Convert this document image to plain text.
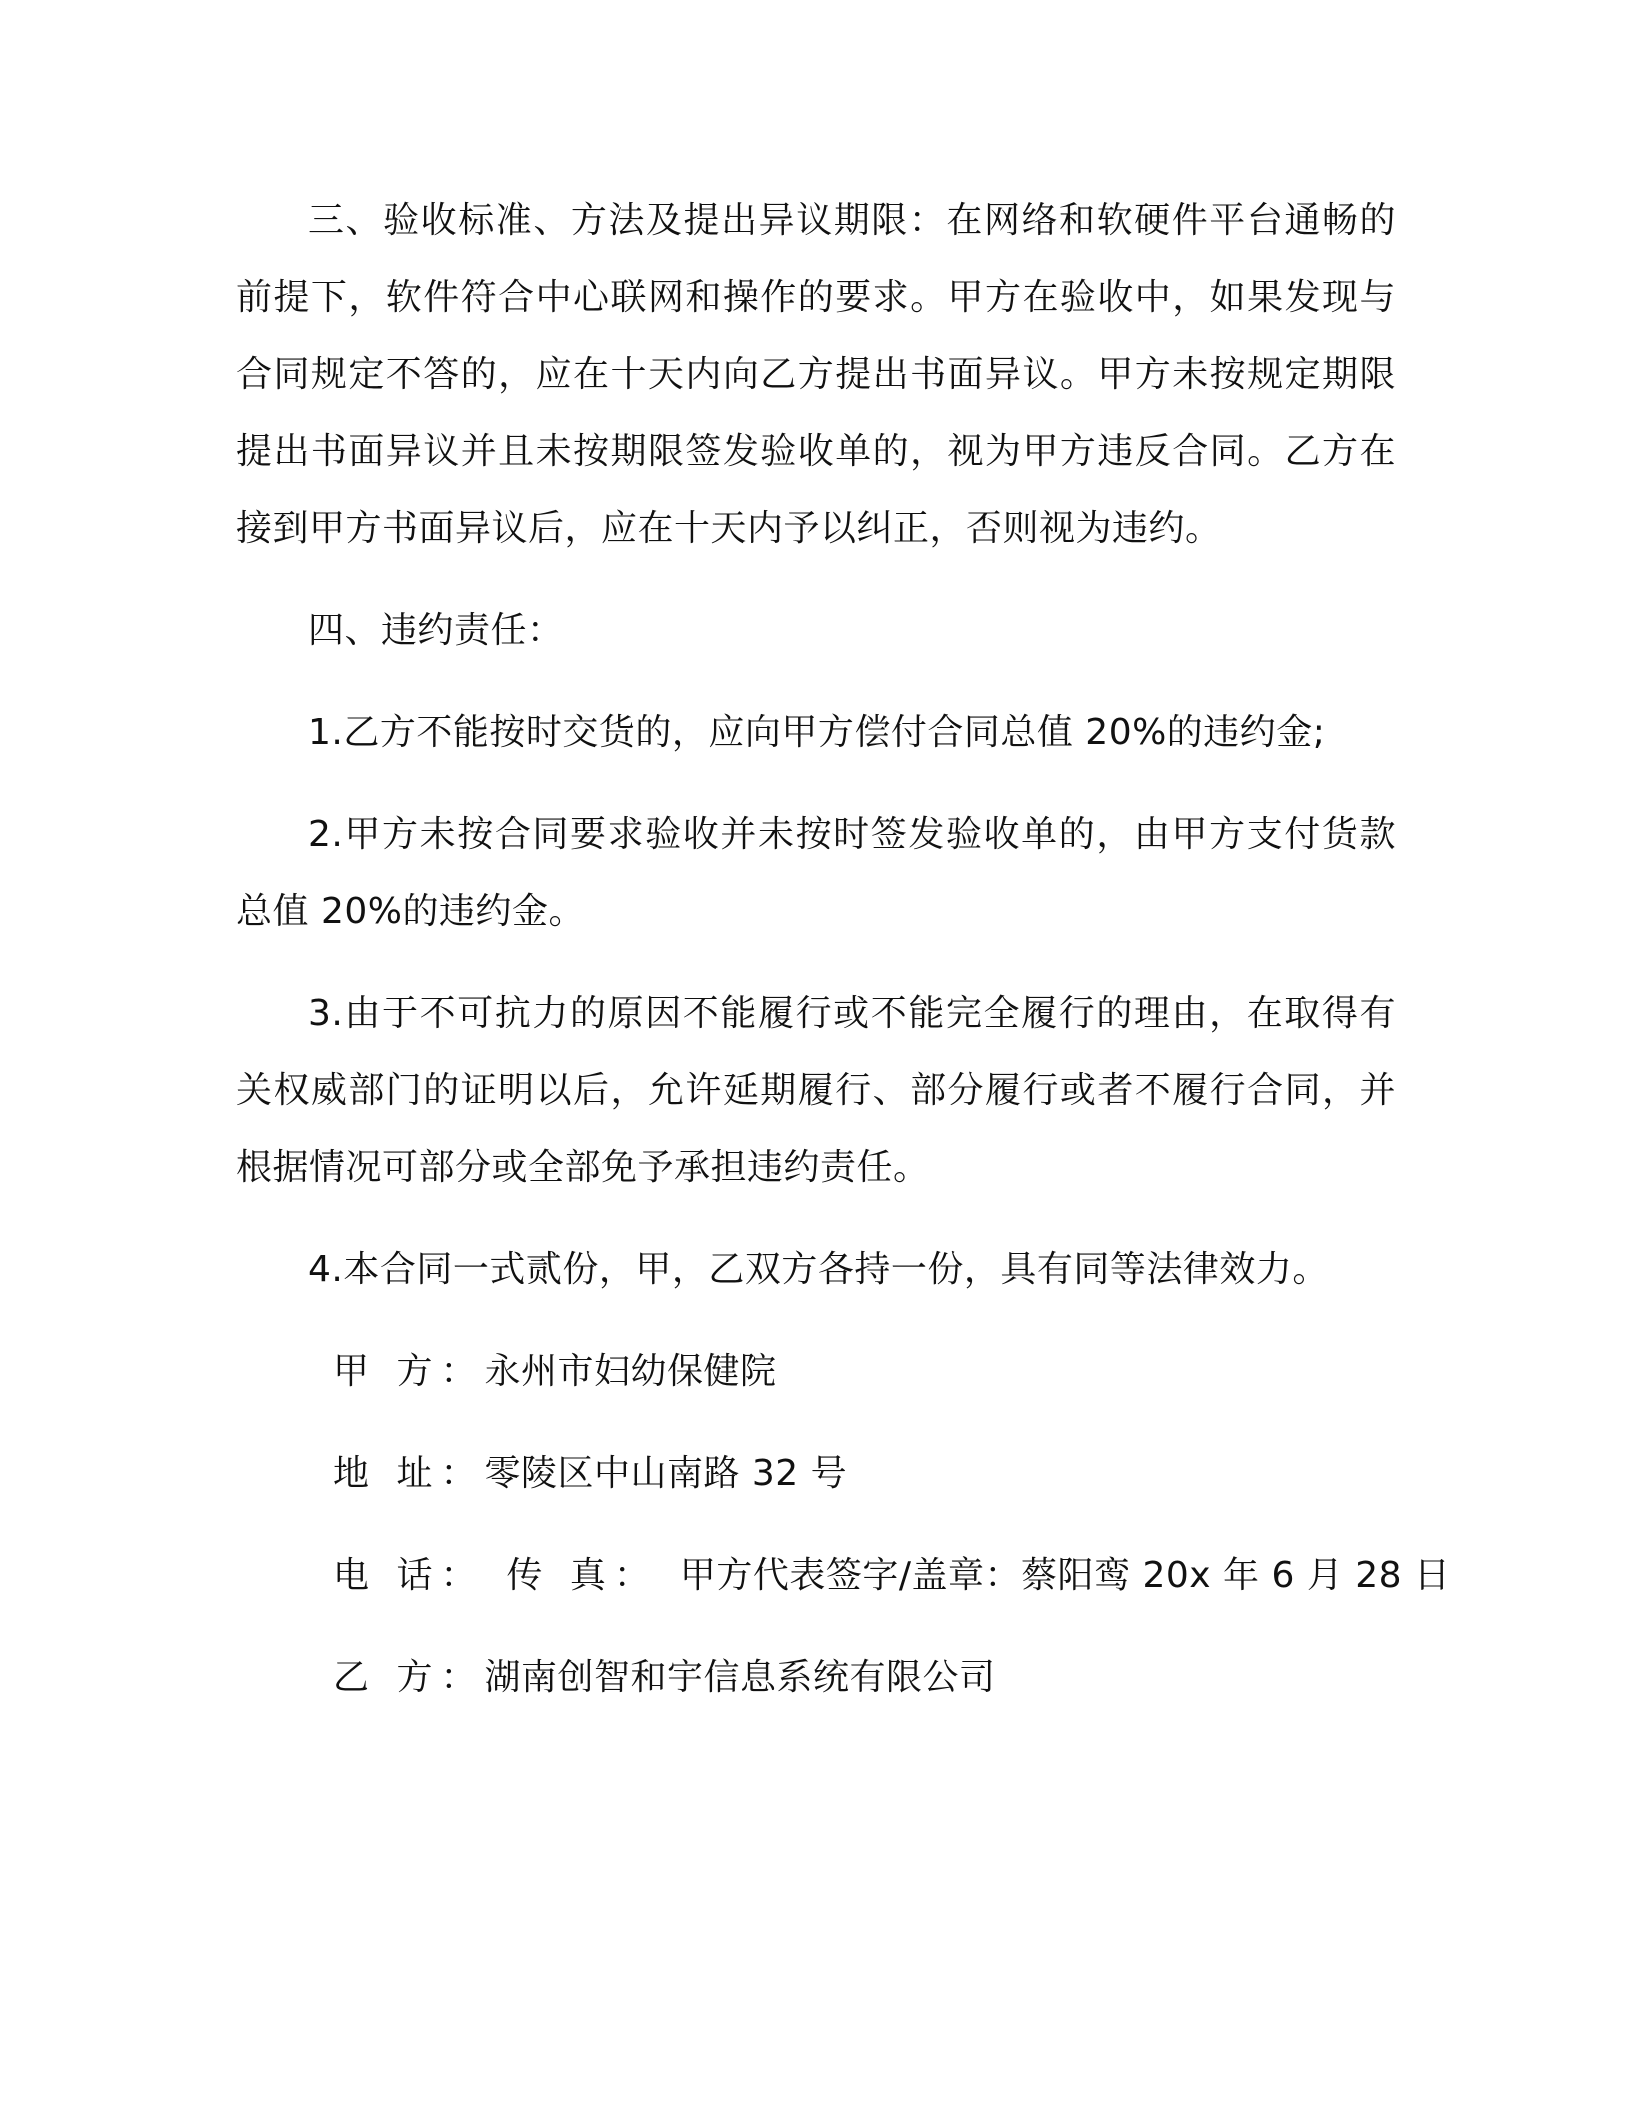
三、验收标准、方法及提出异议期限：在网络和软硬件平台通畅的前提下，软件符合中心联网和操作的要求。甲方在验收中，如果发现与合同规定不答的，应在十天内向乙方提出书面异议。甲方未按规定期限提出书面异议并且未按期限签发验收单的，视为甲方违反合同。乙方在接到甲方书面异议后，应在十天内予以纠正，否则视为违约。

四、违约责任：

1.乙方不能按时交货的，应向甲方偿付合同总值 20%的违约金;

2.甲方未按合同要求验收并未按时签发验收单的，由甲方支付货款总值 20%的违约金。

3.由于不可抗力的原因不能履行或不能完全履行的理由，在取得有关权威部门的证明以后，允许延期履行、部分履行或者不履行合同，并根据情况可部分或全部免予承担违约责任。

4.本合同一式贰份，甲，乙双方各持一份，具有同等法律效力。

甲 方：永州市妇幼保健院
地 址：零陵区中山南路 32 号
电 话： 传 真： 甲方代表签字/盖章：蔡阳鸾 20x 年 6 月 28 日
乙 方：湖南创智和宇信息系统有限公司
